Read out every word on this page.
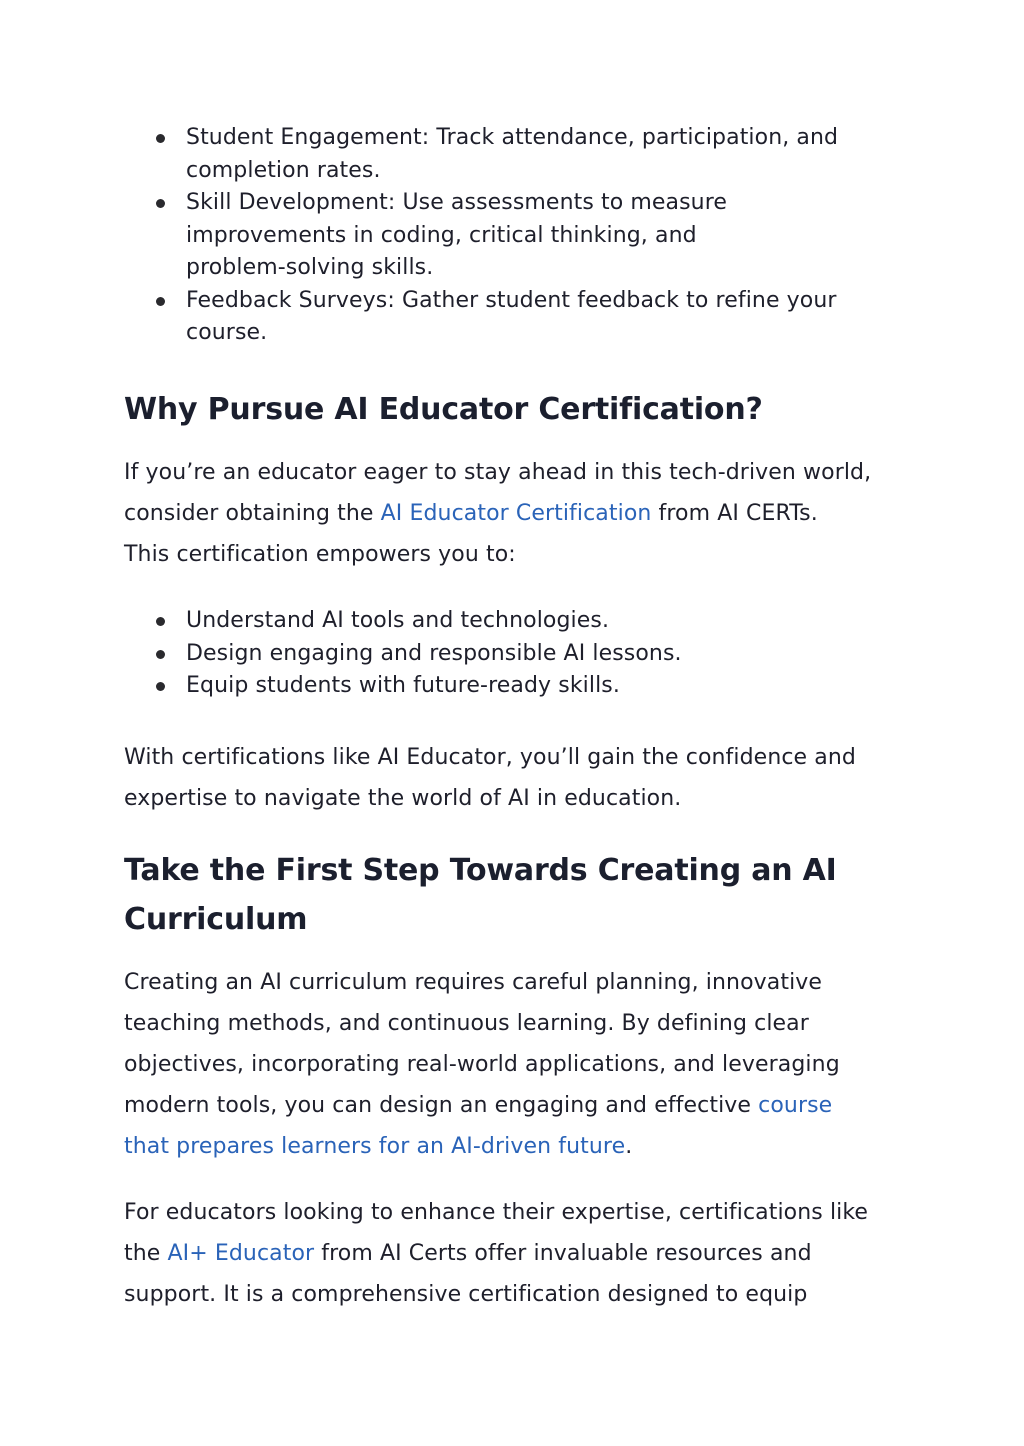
Student Engagement: Track attendance, participation, and
completion rates.
Skill Development: Use assessments to measure
improvements in coding, critical thinking, and
problem-solving skills.
Feedback Surveys: Gather student feedback to refine your
course.
Why Pursue AI Educator Certification?

If you’re an educator eager to stay ahead in this tech-driven world,
consider obtaining the AI Educator Certification from AI CERTs.
This certification empowers you to:

Understand AI tools and technologies.
Design engaging and responsible AI lessons.
Equip students with future-ready skills.

With certifications like AI Educator, you’ll gain the confidence and
expertise to navigate the world of AI in education.

Take the First Step Towards Creating an AI
Curriculum

Creating an AI curriculum requires careful planning, innovative
teaching methods, and continuous learning. By defining clear
objectives, incorporating real-world applications, and leveraging
modern tools, you can design an engaging and effective course
that prepares learners for an AI-driven future.

For educators looking to enhance their expertise, certifications like
the AI+ Educator from AI Certs offer invaluable resources and
support. It is a comprehensive certification designed to equip
